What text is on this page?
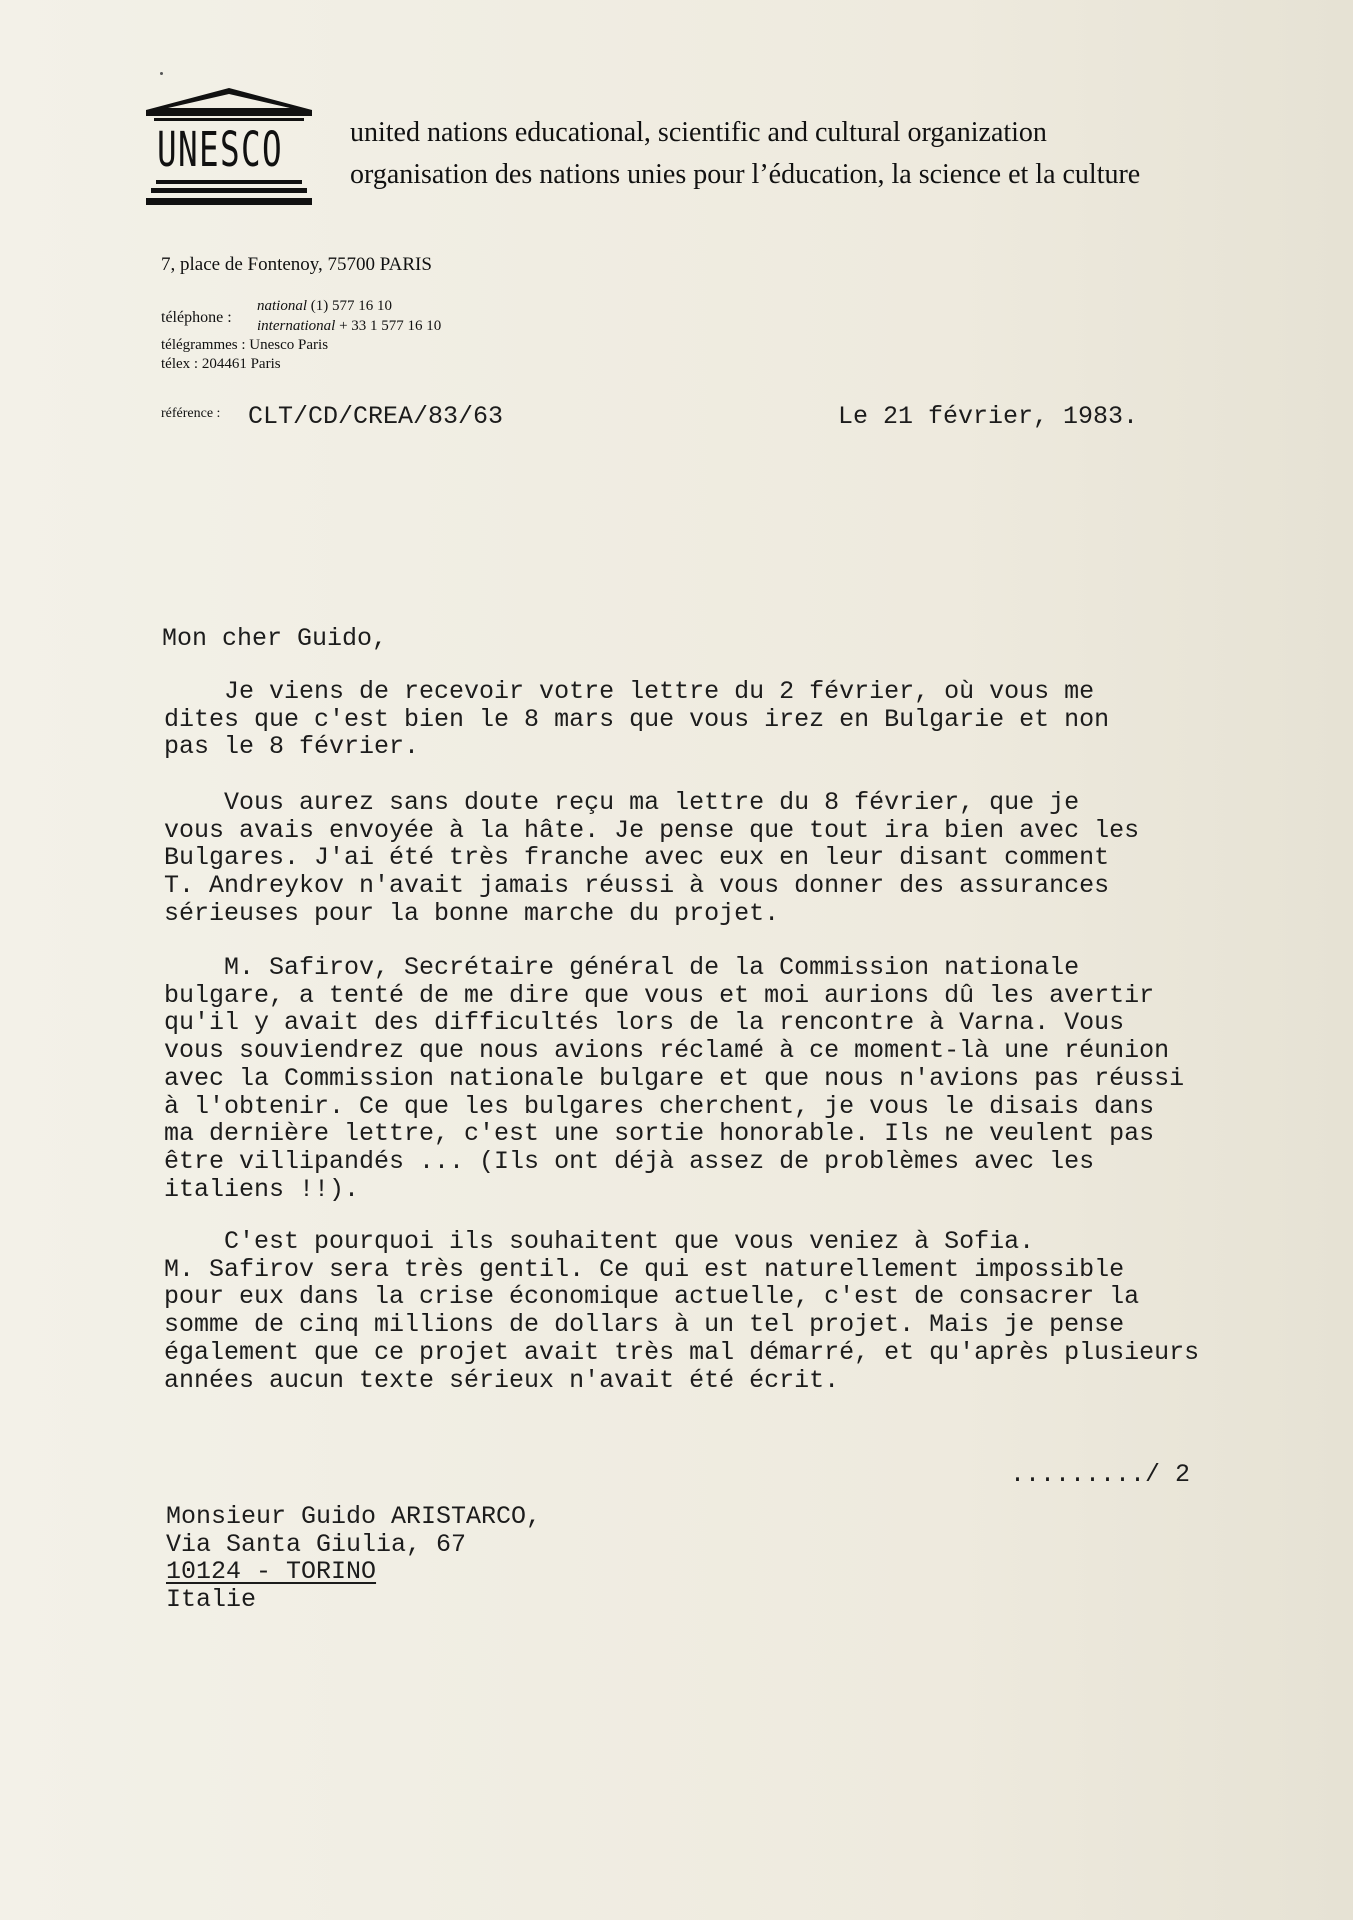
UNESCO united nations educational, scientific and cultural organization
organisation des nations unies pour l’éducation, la science et la culture
7, place de Fontenoy, 75700 PARIS
téléphone :
national (1) 577 16 10
international + 33 1 577 16 10
télégrammes : Unesco Paris
télex : 204461 Paris
référence : CLT/CD/CREA/83/63	Le 21 février, 1983.
Mon cher Guido,
Je viens de recevoir votre lettre du 2 février, où vous me
dites que c'est bien le 8 mars que vous irez en Bulgarie et non
pas le 8 février.
Vous aurez sans doute reçu ma lettre du 8 février, que je
vous avais envoyée à la hâte. Je pense que tout ira bien avec les
Bulgares. J'ai été très franche avec eux en leur disant comment
T. Andreykov n'avait jamais réussi à vous donner des assurances
sérieuses pour la bonne marche du projet.
M. Safirov, Secrétaire général de la Commission nationale
bulgare, a tenté de me dire que vous et moi aurions dû les avertir
qu'il y avait des difficultés lors de la rencontre à Varna. Vous
vous souviendrez que nous avions réclamé à ce moment-là une réunion
avec la Commission nationale bulgare et que nous n'avions pas réussi
à l'obtenir. Ce que les bulgares cherchent, je vous le disais dans
ma dernière lettre, c'est une sortie honorable. Ils ne veulent pas
être villipandés ... (Ils ont déjà assez de problèmes avec les
italiens !!).
C'est pourquoi ils souhaitent que vous veniez à Sofia.
M. Safirov sera très gentil. Ce qui est naturellement impossible
pour eux dans la crise économique actuelle, c'est de consacrer la
somme de cinq millions de dollars à un tel projet. Mais je pense
également que ce projet avait très mal démarré, et qu'après plusieurs
années aucun texte sérieux n'avait été écrit.
........./ 2
Monsieur Guido ARISTARCO,
Via Santa Giulia, 67
10124 - TORINO
Italie
